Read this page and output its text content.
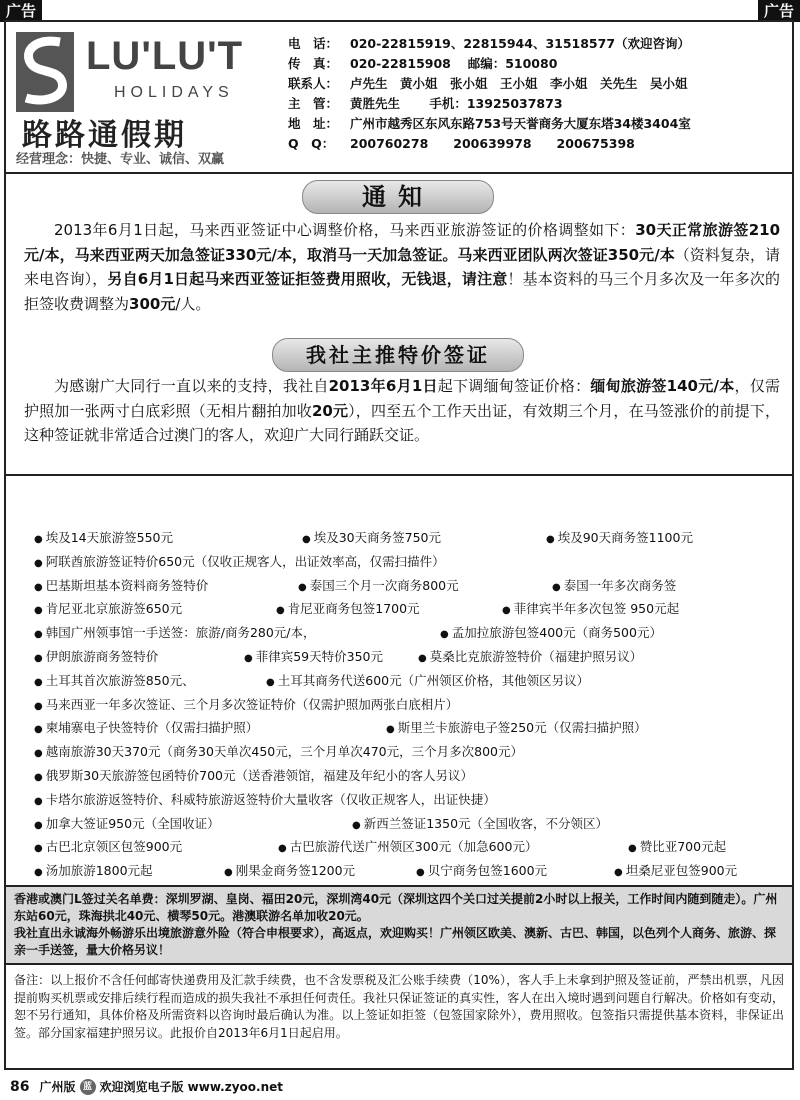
广告	广告
LU'LU'T
HOLIDAYS
路路通假期
经营理念：快捷、专业、诚信、双赢
电　话： 020-22815919、22815944、31518577（欢迎咨询）
传　真： 020-22815908　 邮编：510080
联系人： 卢先生　黄小姐　张小姐　王小姐　李小姐　关先生　吴小姐
主　管： 黄胜先生　　 手机：13925037873
地　址： 广州市越秀区东风东路753号天誉商务大厦东塔34楼3404室
Q　Q：	200760278　　200639978　　200675398
通知
2013年6月1日起，马来西亚签证中心调整价格，马来西亚旅游签证的价格调整如下：30天正常旅游签210元/本，马来西亚两天加急签证330元/本，取消马一天加急签证。马来西亚团队两次签证350元/本（资料复杂，请来电咨询），另自6月1日起马来西亚签证拒签费用照收，无钱退，请注意！基本资料的马三个月多次及一年多次的拒签收费调整为300元/人。
为感谢广大同行一直以来的支持，我社自2013年6月1日起下调缅甸签证价格：缅甸旅游签140元/本，仅需护照加一张两寸白底彩照（无相片翻拍加收20元），四至五个工作天出证，有效期三个月，在马签涨价的前提下，这种签证就非常适合过澳门的客人，欢迎广大同行踊跃交证。
我社主推特价签证
● 埃及14天旅游签550元	● 埃及30天商务签750元	● 埃及90天商务签1100元
● 阿联酋旅游签证特价650元（仅收正规客人，出证效率高，仅需扫描件）
● 巴基斯坦基本资料商务签特价	● 泰国三个月一次商务800元	● 泰国一年多次商务签
● 肯尼亚北京旅游签650元	● 肯尼亚商务包签1700元	● 菲律宾半年多次包签 950元起
● 韩国广州领事馆一手送签：旅游/商务280元/本，	● 孟加拉旅游包签400元（商务500元）
● 伊朗旅游商务签特价	● 菲律宾59天特价350元	● 莫桑比克旅游签特价（福建护照另议）
● 土耳其首次旅游签850元、	● 土耳其商务代送600元（广州领区价格，其他领区另议）
● 马来西亚一年多次签证、三个月多次签证特价（仅需护照加两张白底相片）
● 柬埔寨电子快签特价（仅需扫描护照）	● 斯里兰卡旅游电子签250元（仅需扫描护照）
● 越南旅游30天370元（商务30天单次450元，三个月单次470元，三个月多次800元）
● 俄罗斯30天旅游签包函特价700元（送香港领馆，福建及年纪小的客人另议）
● 卡塔尔旅游返签特价、科威特旅游返签特价大量收客（仅收正规客人，出证快捷）
● 加拿大签证950元（全国收证）	● 新西兰签证1350元（全国收客，不分领区）
● 古巴北京领区包签900元	● 古巴旅游代送广州领区300元（加急600元）	● 赞比亚700元起
● 汤加旅游1800元起	● 刚果金商务签1200元	● 贝宁商务包签1600元	● 坦桑尼亚包签900元

香港或澳门L签过关名单费：深圳罗湖、皇岗、福田20元，深圳湾40元（深圳这四个关口过关提前2小时以上报关，工作时间内随到随走）。广州东站60元，珠海拱北40元、横琴50元。港澳联游名单加收20元。

我社直出永诚海外畅游乐出境旅游意外险（符合申根要求），高返点，欢迎购买！广州领区欧美、澳新、古巴、韩国，以色列个人商务、旅游、探亲一手送签，量大价格另议！

备注：以上报价不含任何邮寄快递费用及汇款手续费，也不含发票税及汇公账手续费（10%），客人手上未拿到护照及签证前，严禁出机票，凡因提前购买机票或安排后续行程而造成的损失我社不承担任何责任。我社只保证签证的真实性，客人在出入境时遇到问题自行解决。价格如有变动，恕不另行通知，具体价格及所需资料以咨询时最后确认为准。以上签证如拒签（包签国家除外），费用照收。包签指只需提供基本资料，非保证出签。部分国家福建护照另议。此报价自2013年6月1日起启用。
86 广州版 蓝 欢迎浏览电子版 www.zyoo.net
